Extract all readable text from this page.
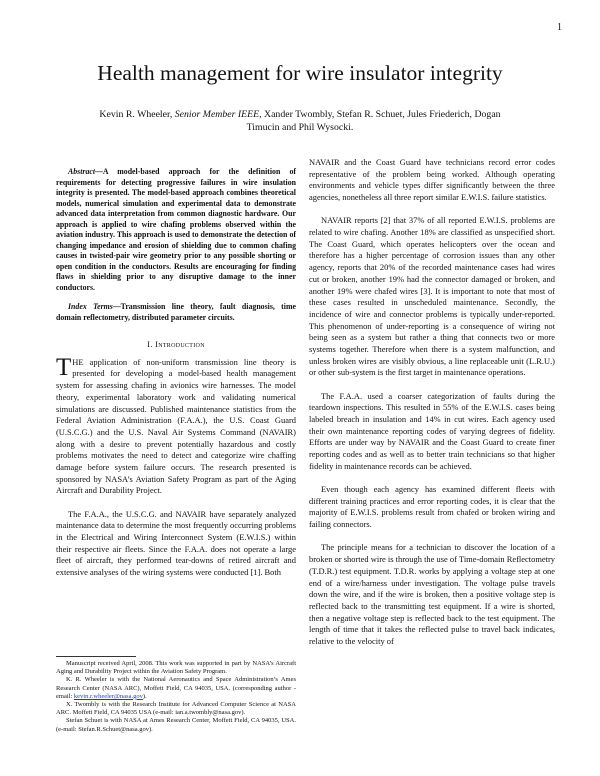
1
Health management for wire insulator integrity
Kevin R. Wheeler, Senior Member IEEE, Xander Twombly, Stefan R. Schuet, Jules Friederich, Dogan
Timucin and Phil Wysocki.

Abstract—A model-based approach for the definition of requirements for detecting progressive failures in wire insulation integrity is presented. The model-based approach combines theoretical models, numerical simulation and experimental data to demonstrate advanced data interpretation from common diagnostic hardware. Our approach is applied to wire chafing problems observed within the aviation industry. This approach is used to demonstrate the detection of changing impedance and erosion of shielding due to common chafing causes in twisted-pair wire geometry prior to any possible shorting or open condition in the conductors. Results are encouraging for finding flaws in shielding prior to any disruptive damage to the inner conductors.

Index Terms—Transmission line theory, fault diagnosis, time domain reflectometry, distributed parameter circuits.

I. Introduction

THE application of non-uniform transmission line theory is presented for developing a model-based health management system for assessing chafing in avionics wire harnesses. The model theory, experimental laboratory work and validating numerical simulations are discussed. Published maintenance statistics from the Federal Aviation Administration (F.A.A.), the U.S. Coast Guard (U.S.C.G.) and the U.S. Naval Air Systems Command (NAVAIR) along with a desire to prevent potentially hazardous and costly problems motivates the need to detect and categorize wire chaffing damage before system failure occurs. The research presented is sponsored by NASA’s Aviation Safety Program as part of the Aging Aircraft and Durability Project.

The F.A.A., the U.S.C.G. and NAVAIR have separately analyzed maintenance data to determine the most frequently occurring problems in the Electrical and Wiring Interconnect System (E.W.I.S.) within their respective air fleets. Since the F.A.A. does not operate a large fleet of aircraft, they performed tear-downs of retired aircraft and extensive analyses of the wiring systems were conducted [1]. Both

NAVAIR and the Coast Guard have technicians record error codes representative of the problem being worked. Although operating environments and vehicle types differ significantly between the three agencies, nonetheless all three report similar E.W.I.S. failure statistics.

NAVAIR reports [2] that 37% of all reported E.W.I.S. problems are related to wire chafing. Another 18% are classified as unspecified short. The Coast Guard, which operates helicopters over the ocean and therefore has a higher percentage of corrosion issues than any other agency, reports that 20% of the recorded maintenance cases had wires cut or broken, another 19% had the connector damaged or broken, and another 19% were chafed wires [3]. It is important to note that most of these cases resulted in unscheduled maintenance. Secondly, the incidence of wire and connector problems is typically under-reported. This phenomenon of under-reporting is a consequence of wiring not being seen as a system but rather a thing that connects two or more systems together. Therefore when there is a system malfunction, and unless broken wires are visibly obvious, a line replaceable unit (L.R.U.) or other sub-system is the first target in maintenance operations.

The F.A.A. used a coarser categorization of faults during the teardown inspections. This resulted in 55% of the E.W.I.S. cases being labeled breach in insulation and 14% in cut wires. Each agency used their own maintenance reporting codes of varying degrees of fidelity. Efforts are under way by NAVAIR and the Coast Guard to create finer reporting codes and as well as to better train technicians so that higher fidelity in maintenance records can be achieved.

Even though each agency has examined different fleets with different training practices and error reporting codes, it is clear that the majority of E.W.I.S. problems result from chafed or broken wiring and failing connectors.

The principle means for a technician to discover the location of a broken or shorted wire is through the use of Time-domain Reflectometry (T.D.R.) test equipment. T.D.R. works by applying a voltage step at one end of a wire/harness under investigation. The voltage pulse travels down the wire, and if the wire is broken, then a positive voltage step is reflected back to the transmitting test equipment. If a wire is shorted, then a negative voltage step is reflected back to the test equipment. The length of time that it takes the reflected pulse to travel back indicates, relative to the velocity of

Manuscript received April, 2008. This work was supported in part by NASA’s Aircraft Aging and Durability Project within the Aviation Safety Program.

K. R. Wheeler is with the National Aeronautics and Space Administration’s Ames Research Center (NASA ARC), Moffett Field, CA 94035, USA. (corresponding author - email: kevin.r.wheeler@nasa.gov).

X. Twombly is with the Research Institute for Advanced Computer Science at NASA ARC. Moffett Field, CA 94035 USA (e-mail: ian.a.twombly@nasa.gov).

Stefan Schuet is with NASA at Ames Research Center, Moffett Field, CA 94035, USA. (e-mail: Stefan.R.Schuet@nasa.gov).
